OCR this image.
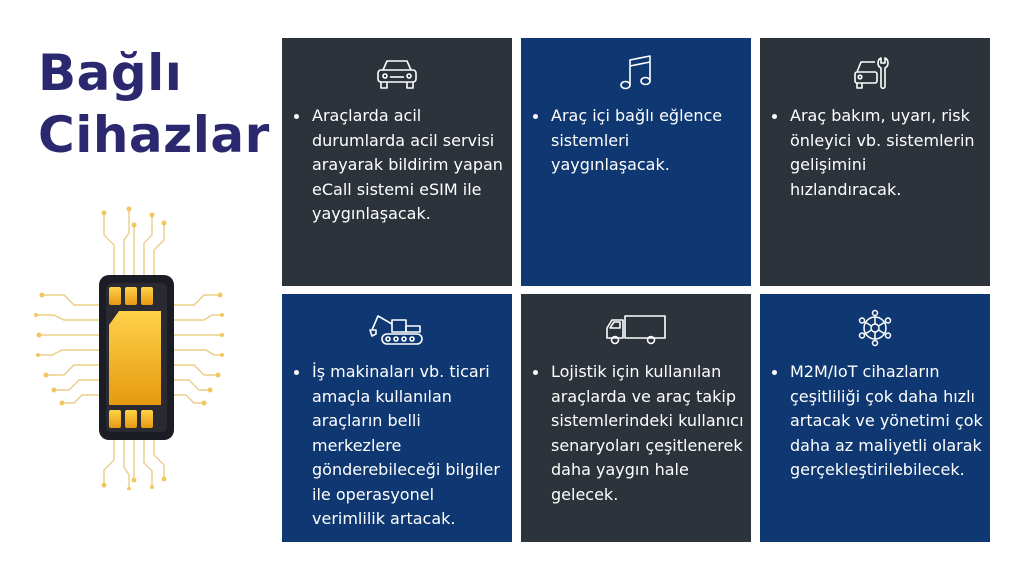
Bağlı
Cihazlar	Araçlarda acil durumlarda acil servisi arayarak bildirim yapan eCall sistemi eSIM ile yaygınlaşacak.
Araç içi bağlı eğlence sistemleri yaygınlaşacak.
Araç bakım, uyarı, risk önleyici vb. sistemlerin gelişimini hızlandıracak.
İş makinaları vb. ticari amaçla kullanılan araçların belli merkezlere gönderebileceği bilgiler ile operasyonel verimlilik artacak.
Lojistik için kullanılan araçlarda ve araç takip sistemlerindeki kullanıcı senaryoları çeşitlenerek daha yaygın hale gelecek.
M2M/IoT cihazların çeşitliliği çok daha hızlı artacak ve yönetimi çok daha az maliyetli olarak gerçekleştirilebilecek.
